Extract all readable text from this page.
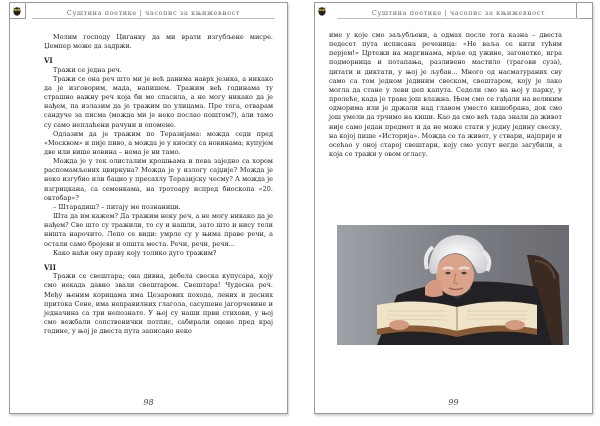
Суштина поетике | часопис за књижевност

Молим господу Циганку да ми врати изгубљене мисре. Џемпер може да задржи.

VI

Тражи се једна реч.

Тражи се она реч што ми је већ данима наврх језика, а никако да је изговорим, мада, напишем. Тражим већ годинама ту страшно важну реч која би ме спасила, а не могу никако да је нађем, па излазим да је тражим по улицама. Пре тога, отварам сандуче за писма (можда ми је неко послао поштом?), али тамо су само неплаћени рачуни и опомене.

Одлазим да је тражим по Теразијама: можда седи пред «Москвом» и пије пиво, а можда је у киоску са новинама; купујем две или више новина – нема је ни тамо.

Можда је у тек олисталим крошњама и пева заједно са хором распомамљених цвиркуна? Можда је у излогу сајџије? Можда је неко изгубио или бацио у пресахлу Теразијску чесму? А можда је изгрицкана, са семенкама, на тротоару испред биоскопа «20. октобар»?

– Штарадиш? – питају ме познаници.

Шта да им кажем? Да тражим неку реч, а не могу никако да је нађем? Све што су тражили, то су и нашли, зато што и нису тели ништа нарочито. Лепо се види: умрле су у њима праве речи, а остали само бројеви и општа места. Речи, речи, речи...

Како наћи ону праву коју толико дуго тражим?

VII

Тражи се свештара; она дивна, дебела свеска купусара, коју смо некада давно звали свештаром. Свештара! Чудесна реч. Међу њеним корицама има Цезарових похода, лених и десних притока Сене, има неправилних глагола, сасушене јагорчевине и једначина са три непознате. У њој су наши први стихови, у њој смо вежбали сопственички потпис, сабирали оцене пред крај године, у њој је двеста пута записано неко

98
Суштина поетике | часопис за књижевност

име у које смо заљубљени, а одмах после тога казна – двеста педесет пута исписана реченица: «Не ваља се кити тућим перјем!» Цртежи на маргинама, мрље од ужине, загонетке, игра подморница и потапања, разливено мастило (трагови суза), цитати и диктати, у њој је љубав... Много од насматураних сву само са том једном јединим свеском, свештаром, коју је лако могла да стане у леви џеп капута. Седели смо на њој у парку, у пролеће, када је трава још влажна. Њом смо се гађали на великим одморима или је држали над главом уместо кишобрана, док смо још умели да трчимо на киши. Као да смо већ тада знали да живот није само један предмет и да не може стати у једну једину свеску, на којој пише «Историја». Можда се та живот, у ствари, најприје и осећао у оној старој свештари, коју смо успут негде загубили, а која се тражи у овом огласу.

99
